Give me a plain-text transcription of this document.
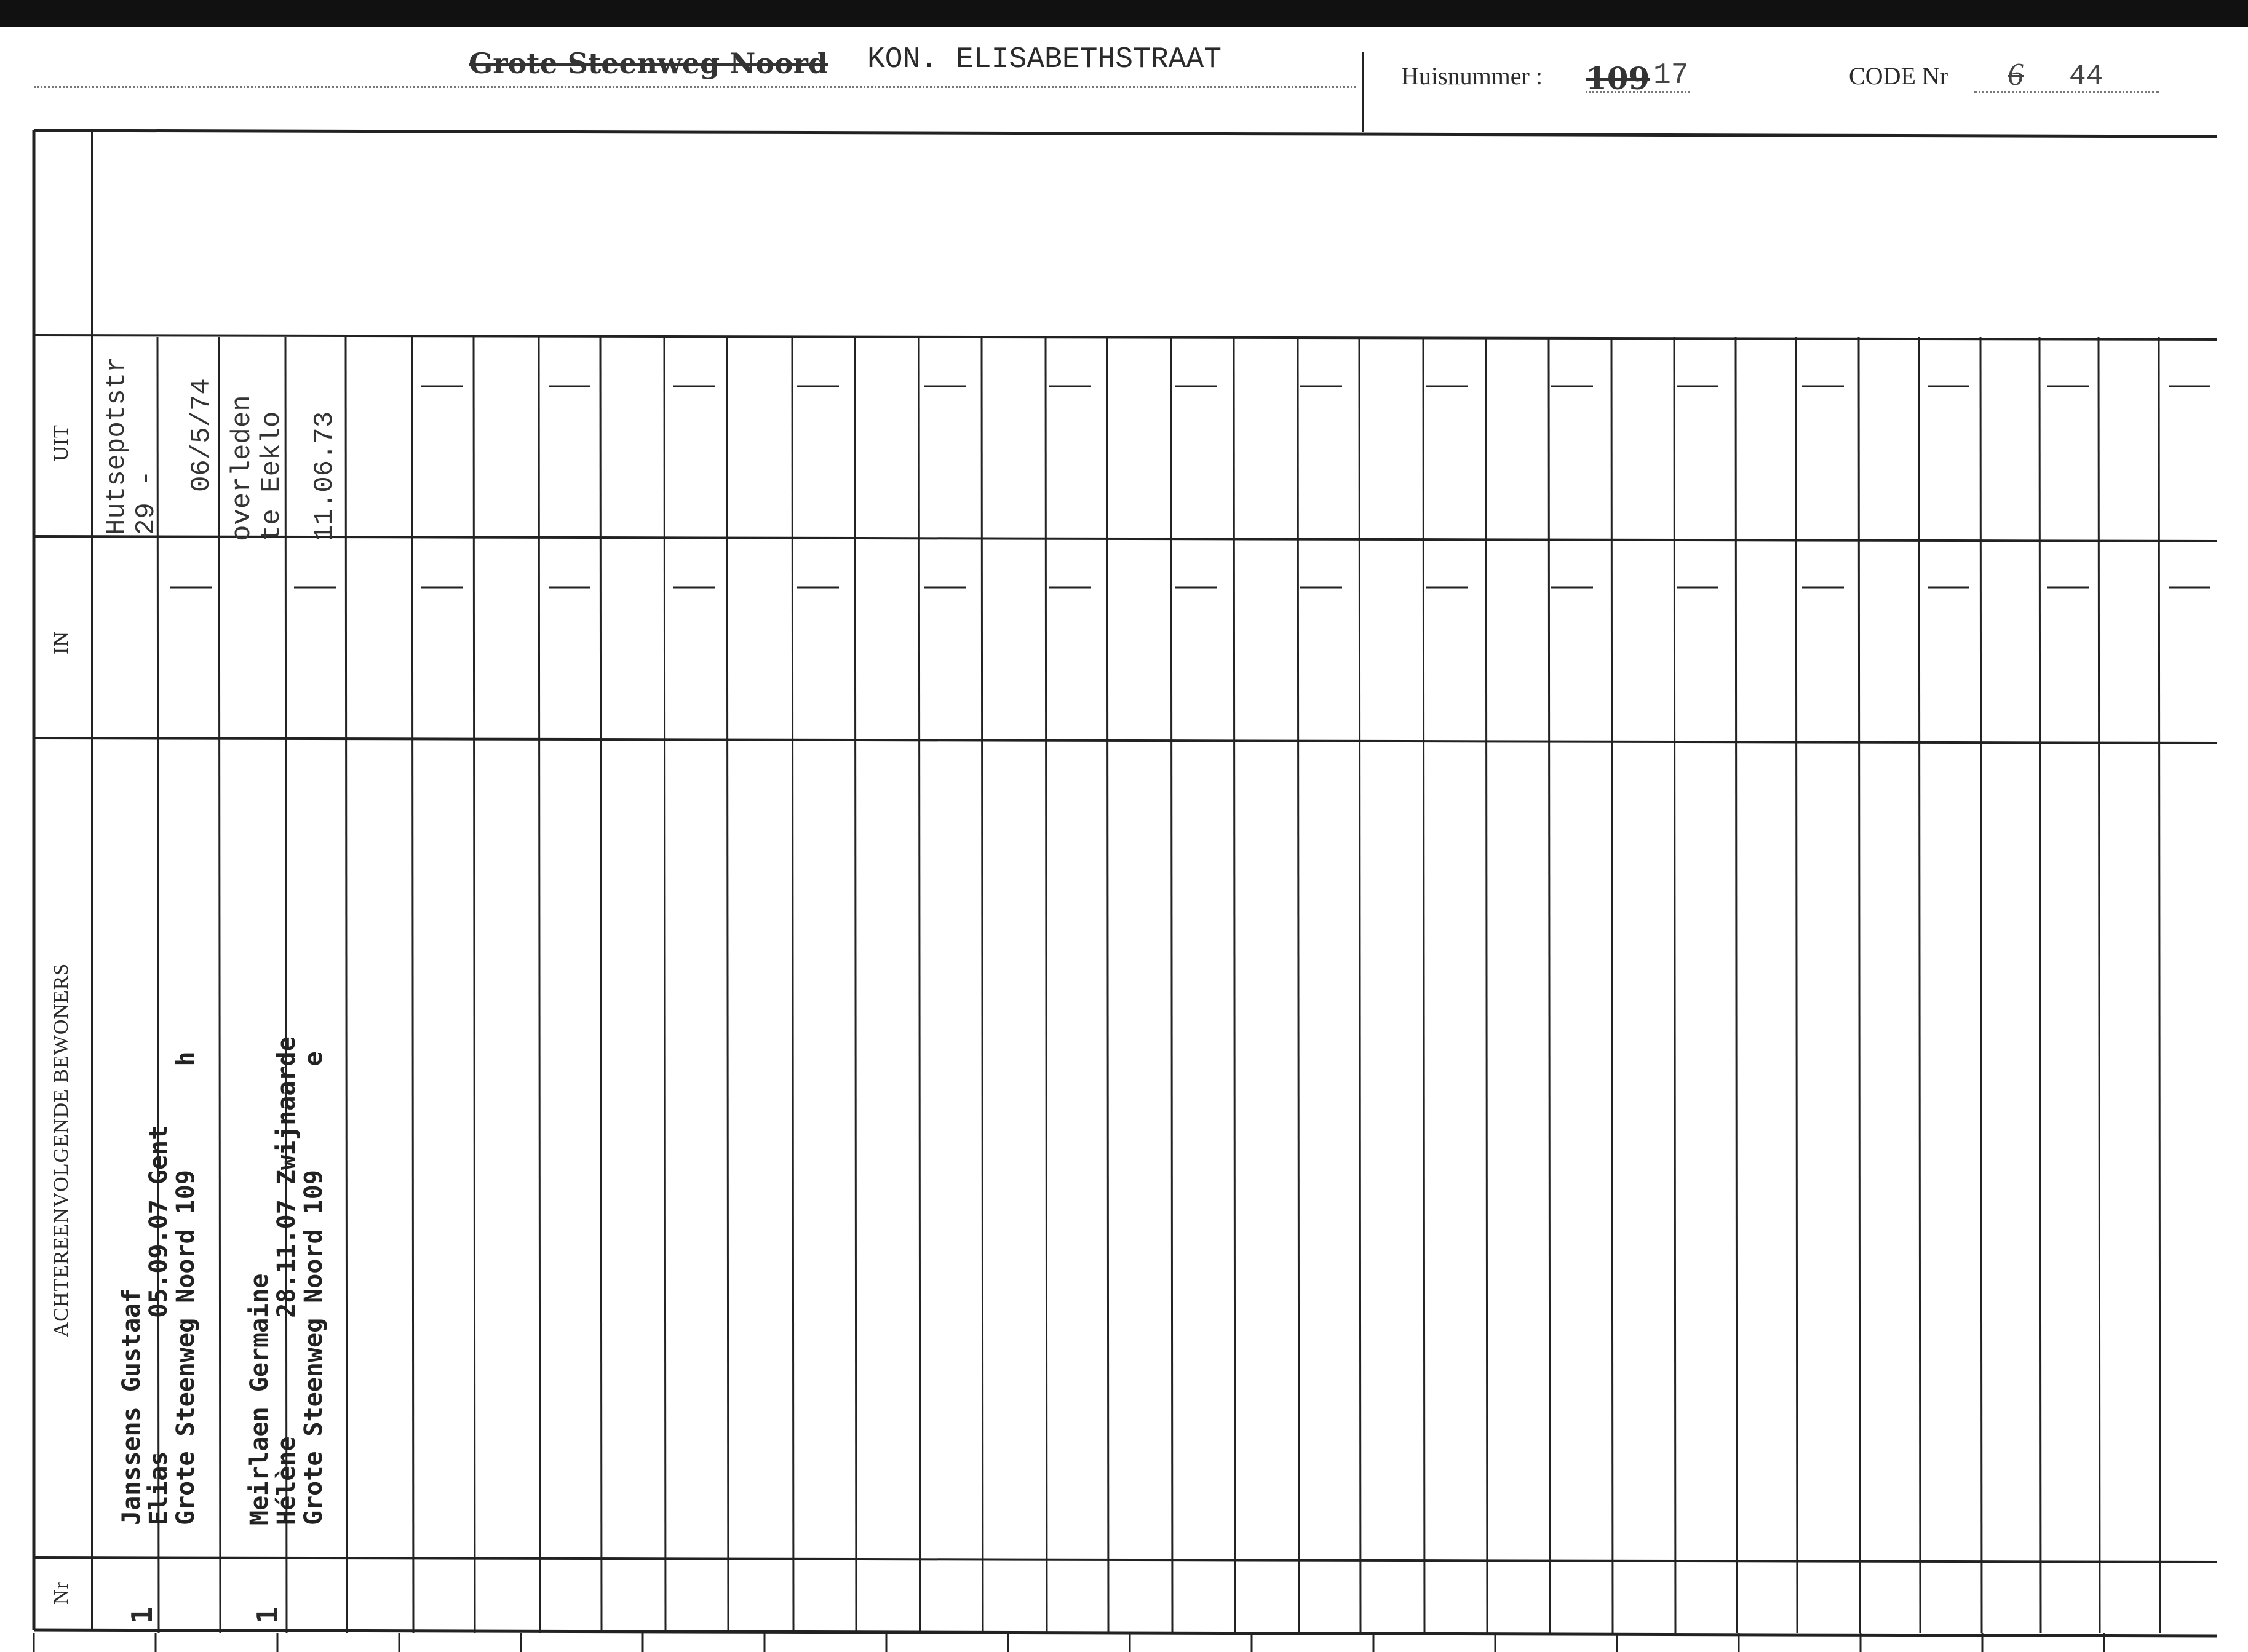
Grote Steenweg Noord KON. ELISABETHSTRAAT	Huisnummer : 109 17	CODE Nr 6 44
UIT
IN
ACHTEREENVOLGENDE BEWONERS
Nr
Hutsepotstr
29 - 06/5/74
Janssens Gustaaf
Elias         05.09.07 Gent
Grote Steenweg Noord 109       h
1
overleden
te Eeklo 11.06.73
Meirlaen Germaine
Hélène        28.11.07 Zwijnaarde
Grote Steenweg Noord 109       e
1
